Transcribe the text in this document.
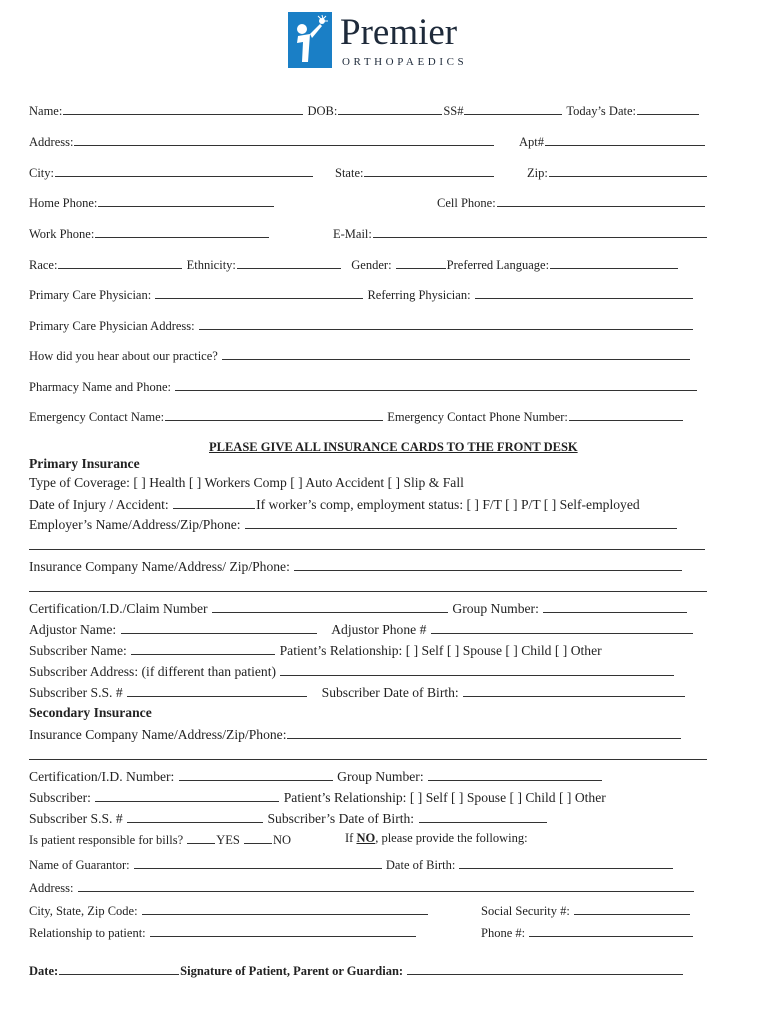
Premier
ORTHOPAEDICS
Name:	DOB:	SS#	Today’s Date:
Address:	Apt#
City:	State:	Zip:
Home Phone:	Cell Phone:
Work Phone:	E-Mail:
Race:	Ethnicity:	Gender:	Preferred Language:
Primary Care Physician:	Referring Physician:
Primary Care Physician Address:
How did you hear about our practice?
Pharmacy Name and Phone:
Emergency Contact Name:	Emergency Contact Phone Number:
PLEASE GIVE ALL INSURANCE CARDS TO THE FRONT DESK
Primary Insurance
Type of Coverage: [ ] Health [ ] Workers Comp [ ] Auto Accident [ ] Slip & Fall
Date of Injury / Accident:	If worker’s comp, employment status: [ ] F/T [ ] P/T [ ] Self-employed
Employer’s Name/Address/Zip/Phone:
Insurance Company Name/Address/ Zip/Phone:
Certification/I.D./Claim Number	Group Number:
Adjustor Name:	Adjustor Phone #
Subscriber Name:	Patient’s Relationship: [ ] Self [ ] Spouse [ ] Child [ ] Other
Subscriber Address: (if different than patient)
Subscriber S.S. #	Subscriber Date of Birth:
Secondary Insurance
Insurance Company Name/Address/Zip/Phone:
Certification/I.D. Number:	Group Number:
Subscriber:	Patient’s Relationship: [ ] Self [ ] Spouse [ ] Child [ ] Other
Subscriber S.S. #	Subscriber’s Date of Birth:
Is patient responsible for bills?	YES	NO	If NO, please provide the following:
Name of Guarantor:	Date of Birth:
Address:
City, State, Zip Code:	Social Security #:
Relationship to patient:	Phone #:
Date:	Signature of Patient, Parent or Guardian:
